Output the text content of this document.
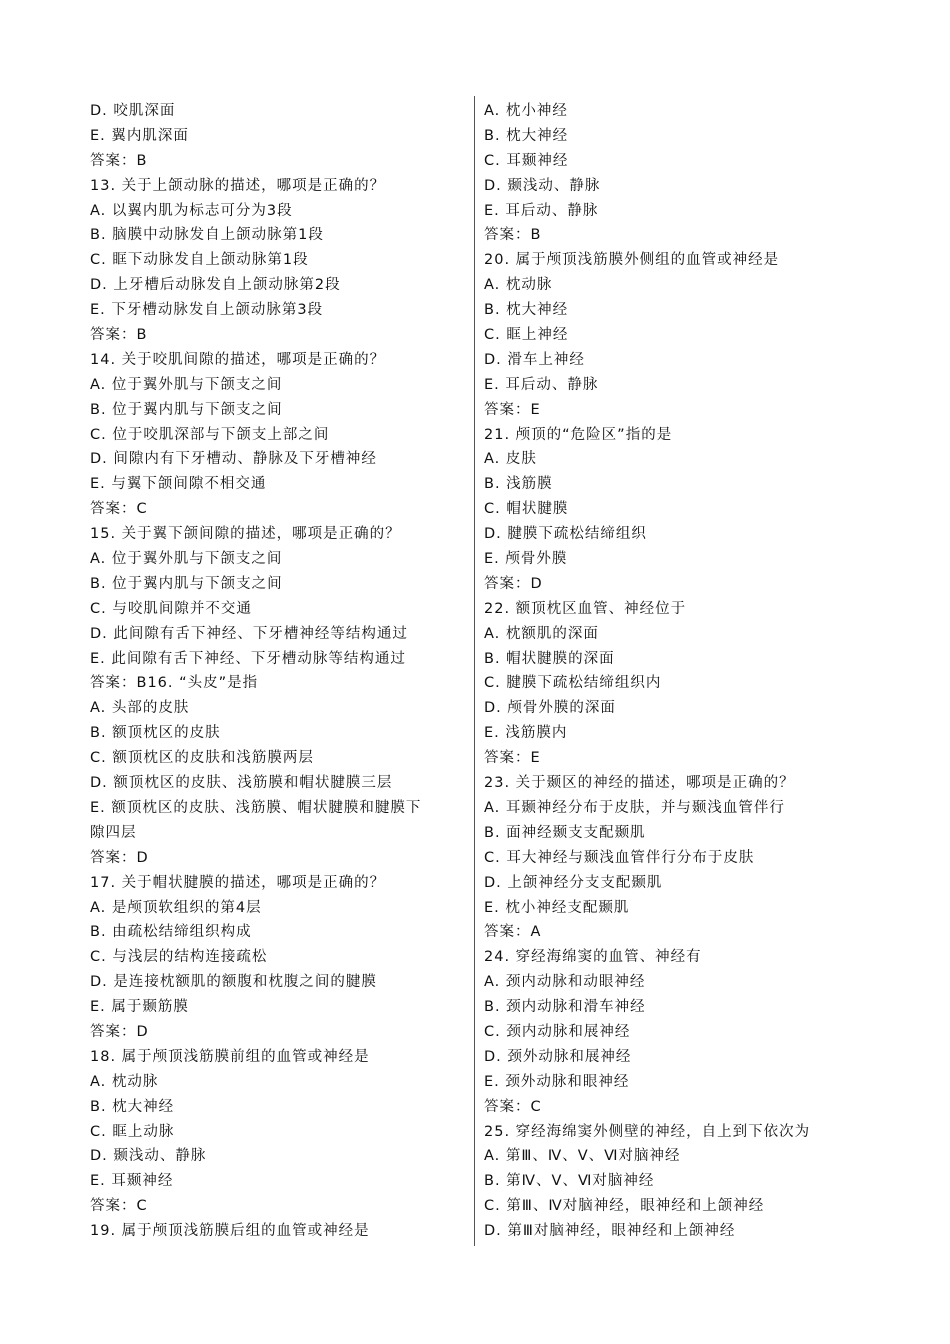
D. 咬肌深面
E. 翼内肌深面
答案：B
13. 关于上颌动脉的描述，哪项是正确的？
A. 以翼内肌为标志可分为3段
B. 脑膜中动脉发自上颌动脉第1段
C. 眶下动脉发自上颌动脉第1段
D. 上牙槽后动脉发自上颌动脉第2段
E. 下牙槽动脉发自上颌动脉第3段
答案：B
14. 关于咬肌间隙的描述，哪项是正确的？
A. 位于翼外肌与下颌支之间
B. 位于翼内肌与下颌支之间
C. 位于咬肌深部与下颌支上部之间
D. 间隙内有下牙槽动、静脉及下牙槽神经
E. 与翼下颌间隙不相交通
答案：C
15. 关于翼下颌间隙的描述，哪项是正确的？
A. 位于翼外肌与下颌支之间
B. 位于翼内肌与下颌支之间
C. 与咬肌间隙并不交通
D. 此间隙有舌下神经、下牙槽神经等结构通过
E. 此间隙有舌下神经、下牙槽动脉等结构通过
答案：B16. “头皮”是指
A. 头部的皮肤
B. 额顶枕区的皮肤
C. 额顶枕区的皮肤和浅筋膜两层
D. 额顶枕区的皮肤、浅筋膜和帽状腱膜三层
E. 额顶枕区的皮肤、浅筋膜、帽状腱膜和腱膜下
隙四层
答案：D
17. 关于帽状腱膜的描述，哪项是正确的？
A. 是颅顶软组织的第4层
B. 由疏松结缔组织构成
C. 与浅层的结构连接疏松
D. 是连接枕额肌的额腹和枕腹之间的腱膜
E. 属于颞筋膜
答案：D
18. 属于颅顶浅筋膜前组的血管或神经是
A. 枕动脉
B. 枕大神经
C. 眶上动脉
D. 颞浅动、静脉
E. 耳颞神经
答案：C
19. 属于颅顶浅筋膜后组的血管或神经是
A. 枕小神经
B. 枕大神经
C. 耳颞神经
D. 颞浅动、静脉
E. 耳后动、静脉
答案：B
20. 属于颅顶浅筋膜外侧组的血管或神经是
A. 枕动脉
B. 枕大神经
C. 眶上神经
D. 滑车上神经
E. 耳后动、静脉
答案：E
21. 颅顶的“危险区”指的是
A. 皮肤
B. 浅筋膜
C. 帽状腱膜
D. 腱膜下疏松结缔组织
E. 颅骨外膜
答案：D
22. 额顶枕区血管、神经位于
A. 枕额肌的深面
B. 帽状腱膜的深面
C. 腱膜下疏松结缔组织内
D. 颅骨外膜的深面
E. 浅筋膜内
答案：E
23. 关于颞区的神经的描述，哪项是正确的？
A. 耳颞神经分布于皮肤，并与颞浅血管伴行
B. 面神经颞支支配颞肌
C. 耳大神经与颞浅血管伴行分布于皮肤
D. 上颌神经分支支配颞肌
E. 枕小神经支配颞肌
答案：A
24. 穿经海绵窦的血管、神经有
A. 颈内动脉和动眼神经
B. 颈内动脉和滑车神经
C. 颈内动脉和展神经
D. 颈外动脉和展神经
E. 颈外动脉和眼神经
答案：C
25. 穿经海绵窦外侧壁的神经，自上到下依次为
A. 第Ⅲ、Ⅳ、Ⅴ、Ⅵ对脑神经
B. 第Ⅳ、Ⅴ、Ⅵ对脑神经
C. 第Ⅲ、Ⅳ对脑神经，眼神经和上颌神经
D. 第Ⅲ对脑神经，眼神经和上颌神经
